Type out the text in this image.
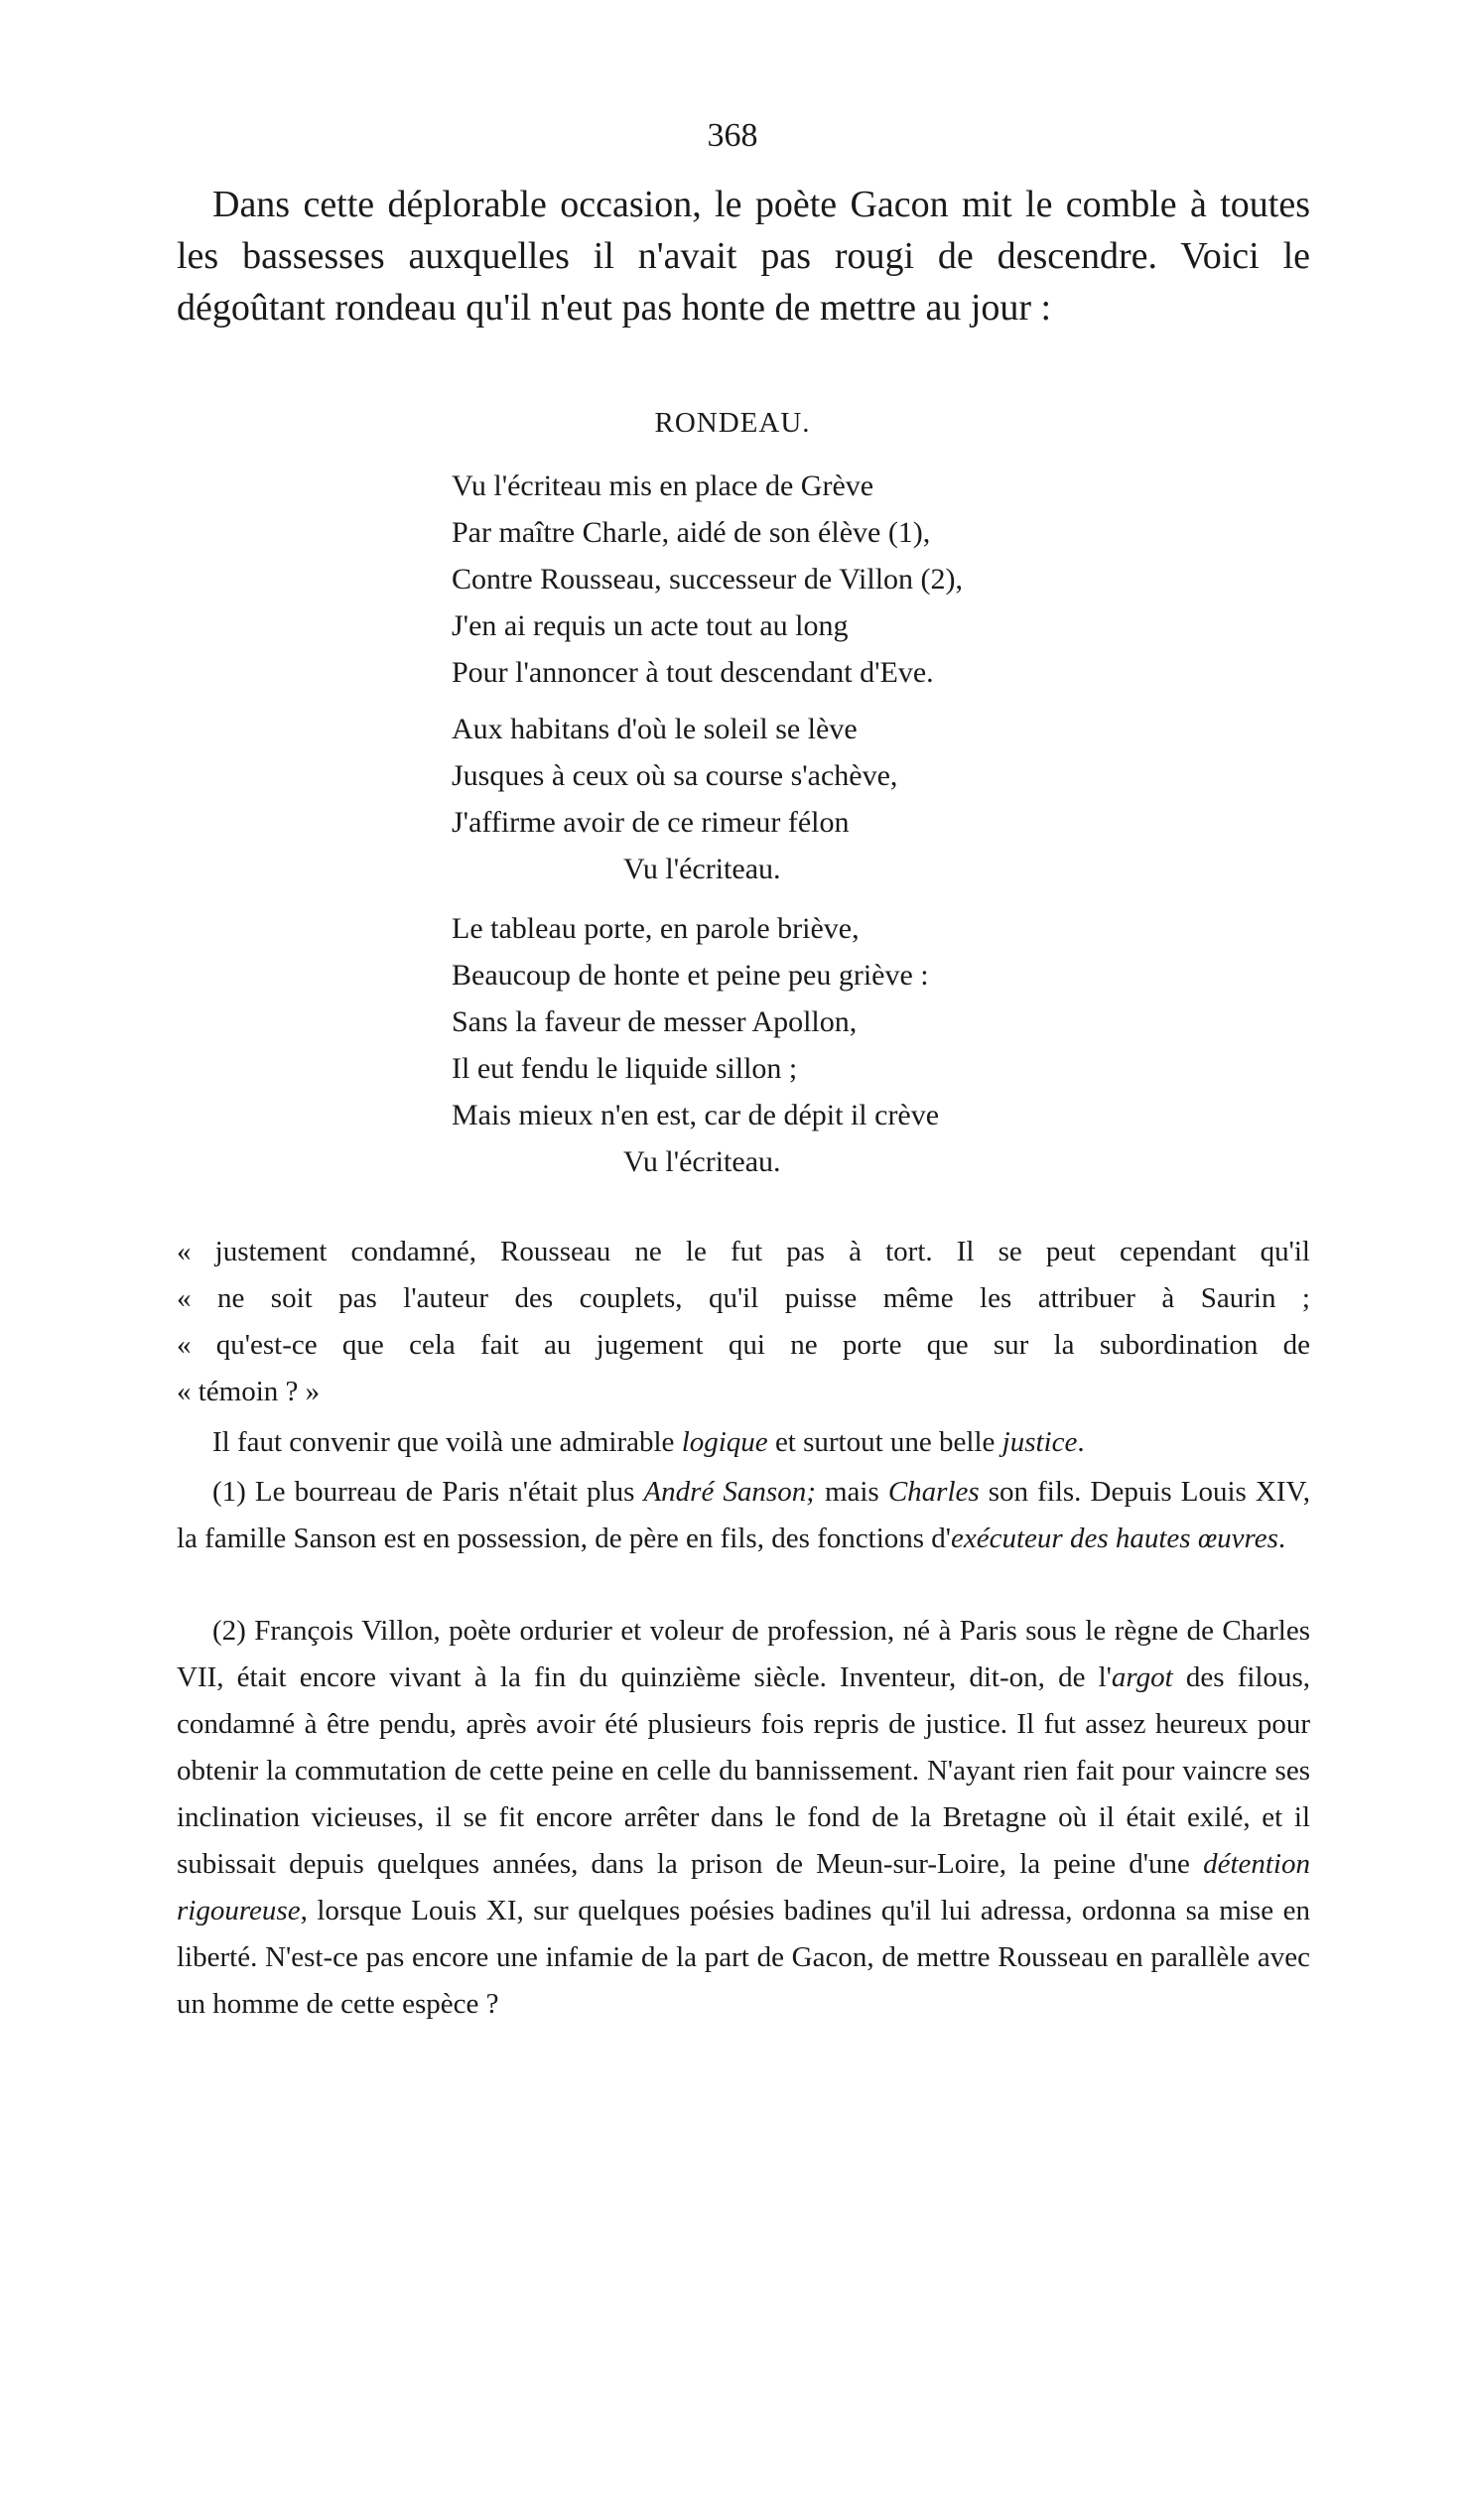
368

Dans cette déplorable occasion, le poète Gacon mit le comble à toutes les bassesses auxquelles il n'avait pas rougi de descendre. Voici le dégoûtant rondeau qu'il n'eut pas honte de mettre au jour :

RONDEAU.
Vu l'écriteau mis en place de Grève
Par maître Charle, aidé de son élève (1),
Contre Rousseau, successeur de Villon (2),
J'en ai requis un acte tout au long
Pour l'annoncer à tout descendant d'Eve.
Aux habitans d'où le soleil se lève
Jusques à ceux où sa course s'achève,
J'affirme avoir de ce rimeur félon
Vu l'écriteau.
Le tableau porte, en parole briève,
Beaucoup de honte et peine peu griève :
Sans la faveur de messer Apollon,
Il eut fendu le liquide sillon ;
Mais mieux n'en est, car de dépit il crève
Vu l'écriteau.
« justement condamné, Rousseau ne le fut pas à tort. Il se peut cependant qu'il
« ne soit pas l'auteur des couplets, qu'il puisse même les attribuer à Saurin ;
« qu'est-ce que cela fait au jugement qui ne porte que sur la subordination de
« témoin ? »

Il faut convenir que voilà une admirable logique et surtout une belle justice.

(1) Le bourreau de Paris n'était plus André Sanson; mais Charles son fils. Depuis Louis XIV, la famille Sanson est en possession, de père en fils, des fonctions d'exécuteur des hautes œuvres.

(2) François Villon, poète ordurier et voleur de profession, né à Paris sous le règne de Charles VII, était encore vivant à la fin du quinzième siècle. Inventeur, dit-on, de l'argot des filous, condamné à être pendu, après avoir été plusieurs fois repris de justice. Il fut assez heureux pour obtenir la commutation de cette peine en celle du bannissement. N'ayant rien fait pour vaincre ses inclination vicieuses, il se fit encore arrêter dans le fond de la Bretagne où il était exilé, et il subissait depuis quelques années, dans la prison de Meun-sur-Loire, la peine d'une détention rigoureuse, lorsque Louis XI, sur quelques poésies badines qu'il lui adressa, ordonna sa mise en liberté. N'est-ce pas encore une infamie de la part de Gacon, de mettre Rousseau en parallèle avec un homme de cette espèce ?
